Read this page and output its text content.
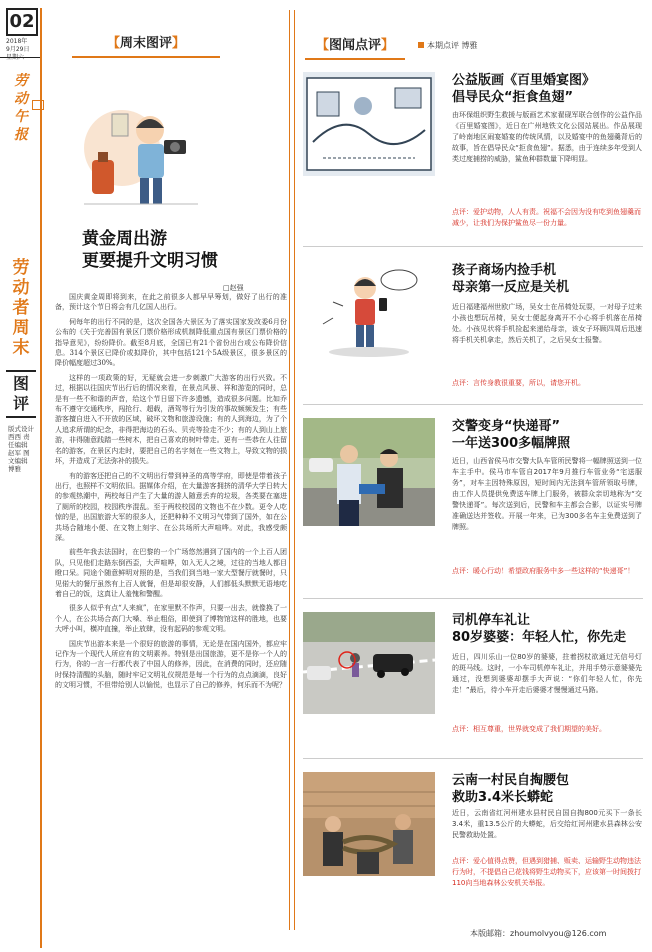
02
2018年
9月29日
星期六
劳动午报
劳动者周末
图评
版式设计 西西 责任编辑 赵军 图文编辑 博雅
【周末图评】
黄金周出游
更要提升文明习惯
□赵强

国庆黄金周即将到来，在此之前很多人都早早筹划，做好了出行的准备，预计这个节日将会有几亿国人出行。

伺每年的出行不同的是，这次全国各大景区为了落实国家发改委6月份公布的《关于完善国有景区门票价格形成机制降低重点国有景区门票价格的指导意见》，纷纷降价。截至8月底，全国已有21个省份出台或公布降价信息。314个景区已降价或拟降价，其中包括121个5A级景区，很多景区的降价幅度超过30%。

这样的一项政策的好，无疑就会进一步刺激广大游客的出行兴致。不过，根据以往国庆节出行后的情况来看，在景点风景、祥和游览的同时，总是有一些不和谐的声音，给这个节日留下许多遗憾，造成很多问题。比如乔布不遵守交通秩序，闯抢行、超载，酒驾等行为引发的事故频频发生；有些游客擅自进入不开放的区域，破坏文物和旅游设施；有的人到海边，为了个人追求所谓的纪念，非得把海边的石头、贝壳等捡走不少；有的人到山上旅游，非得随意践踏一些树木，把自己喜欢的树叶带走。更有一些恭在人往留名的游客，在景区内走时，要把自己的名字刻在一些文物上，导致文物的损坏，并造成了无法弥补的损失。

有的游客还把自己的不文明出行带到神圣的高等学府，即使是带着孩子出行，也照样不文明依旧。据媒体介绍，在大量游客拥挤的清华大学日转大的参观热潮中，两校每日产生了大量的游人随意丢弃的垃圾，各类要在塞进了厕所的校园，校园秩序混乱。至于两校校园的文物也不在少数。更令人吃惊的是，出国旅游大军的很多人，还把种种不文明习气带到了国外，如在公共场合随地小便、在文物上刻字、在公共场所大声喧哗。对此，我感受颇深。

前些年我去法国时，在巴黎的一个广场悠然遇到了国内的一个上百人团队，只见他们走路东倒西歪，大声喧哗，如入无人之境，过往的当地人都目瞪口呆。同途个随意鲜明对照的是，当我们到当地一家大型餐厅就餐时，只见偌大的餐厅虽然有上百人就餐，但是却很安静，人们都低头默默无语地吃着自己的饭，这真让人羞愧和警醒。

很多人似乎有点“人来疯”，在家里默不作声，只要一出去，就像换了一个人，在公共场合高门大嗓、举止粗俗，即使到了博物馆这样的胜地，也要大呼小叫，横冲直撞，举止放肆，没有起码的参观文明。

国庆节出游本来是一个很好的旅游的事情，无论是在国内国外，都应牢记作为一个现代人所应有的文明素养。特别是出国旅游，更不是你一个人的行为，你的一言一行都代表了中国人的修养，因此，在消费的同时，还应随时保持清醒的头脑，随时牢记文明礼仪规范是每一个行为的点点滴滴，良好的文明习惯，不但带给别人以愉悦，也显示了自己的修养，何乐而不为呢？

【图闻点评】	本期点评 博雅
公益版画《百里婚宴图》
倡导民众“拒食鱼翅”
由环保组织野生救援与版画艺术家翟砚军联合创作的公益作品《百里婚宴图》，近日在广州地铁文化公园站展出。作品展现了岭南地区闹宴婚宴的传统风情，以及婚宴中的鱼翅羹背后的故事，旨在倡导民众“拒食鱼翅”。据悉，由于连续多年受到人类过度捕捞的威胁，鲨鱼种群数量下降明显。
点评：爱护动物，人人有责。祝福不会因为没有吃到鱼翅羹而减少，让我们为保护鲨鱼尽一份力量。
孩子商场内捡手机
母亲第一反应是关机
近日福建福州世欧广场，吴女士在吊椅处玩耍，一对母子过来小孩也想玩吊椅，吴女士便起身离开不小心将手机落在吊椅处。小孩见状将手机捡起来递给母亲，该女子环顾四周后迅速将手机关机拿走，然后关机了，之后吴女士报警。
点评：言传身教很重要，所以，请您开机。
交警变身“快递哥”
一年送300多幅牌照
近日，山西省侯马市交警大队车管所民警将一幅牌照送到一位车主手中。侯马市车管自2017年9月推行车管业务“宅送服务”，对车主因特殊原因，短时间内无法到车管所领取号牌，由工作人员提供免费送车牌上门服务，被群众亲切地称为“交警快递哥”。每次送到后，民警和车主都会合影，以证实号牌准确送达并签收。开展一年来，已为300多名车主免费送到了牌照。
点评：暖心行动！希望政府服务中多一些这样的“快递哥”！
司机停车礼让
80岁婆婆：年轻人忙，你先走
近日，四川乐山一位80岁的婆婆，拄着拐杖欲通过无信号灯的斑马线。这时，一小车司机停车礼让，并用手势示意婆婆先通过，没想到婆婆却摆手大声说：“你们年轻人忙，你先走！”最后，待小车开走后婆婆才慢慢通过马路。
点评：相互尊重，世界就变成了我们期望的美好。
云南一村民自掏腰包
救助3.4米长蟒蛇
近日，云南省红河州建水县村民自国自掏800元买下一条长3.4米，重13.5公斤的大蟒蛇，后交给红河州建水县森林公安民警救助处置。
点评：爱心值得点赞，但遇到猎捕、贩卖、运输野生动物违法行为时，不提倡自己花钱将野生动物买下，应该第一时间拨打110向当地森林公安机关举报。
本版邮箱：zhoumolvyou@126.com
